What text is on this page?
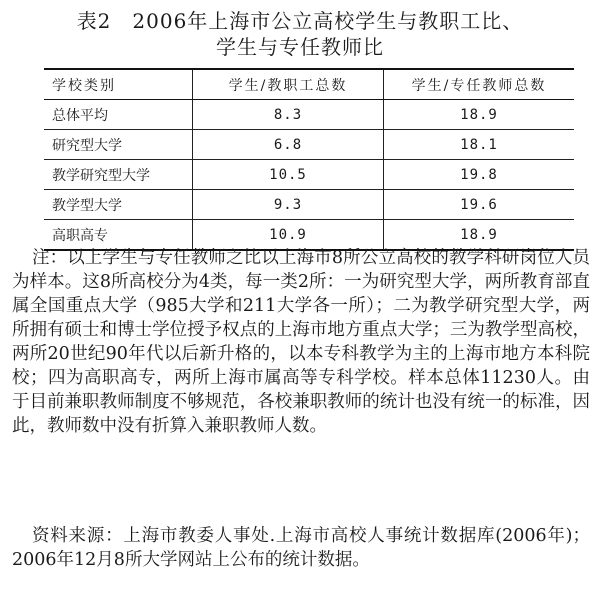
表2　2006年上海市公立高校学生与教职工比、
学生与专任教师比
学校类别	学生/教职工总数	学生/专任教师总数
总体平均	8.3	18.9
研究型大学	6.8	18.1
教学研究型大学	10.5	19.8
教学型大学	9.3	19.6
高职高专	10.9	18.9

注：以上学生与专任教师之比以上海市8所公立高校的教学科研岗位人员为样本。这8所高校分为4类，每一类2所：一为研究型大学，两所教育部直属全国重点大学（985大学和211大学各一所）；二为教学研究型大学，两所拥有硕士和博士学位授予权点的上海市地方重点大学；三为教学型高校，两所20世纪90年代以后新升格的，以本专科教学为主的上海市地方本科院校；四为高职高专，两所上海市属高等专科学校。样本总体11230人。由于目前兼职教师制度不够规范，各校兼职教师的统计也没有统一的标准，因此，教师数中没有折算入兼职教师人数。

资料来源：上海市教委人事处.上海市高校人事统计数据库(2006年)；2006年12月8所大学网站上公布的统计数据。
